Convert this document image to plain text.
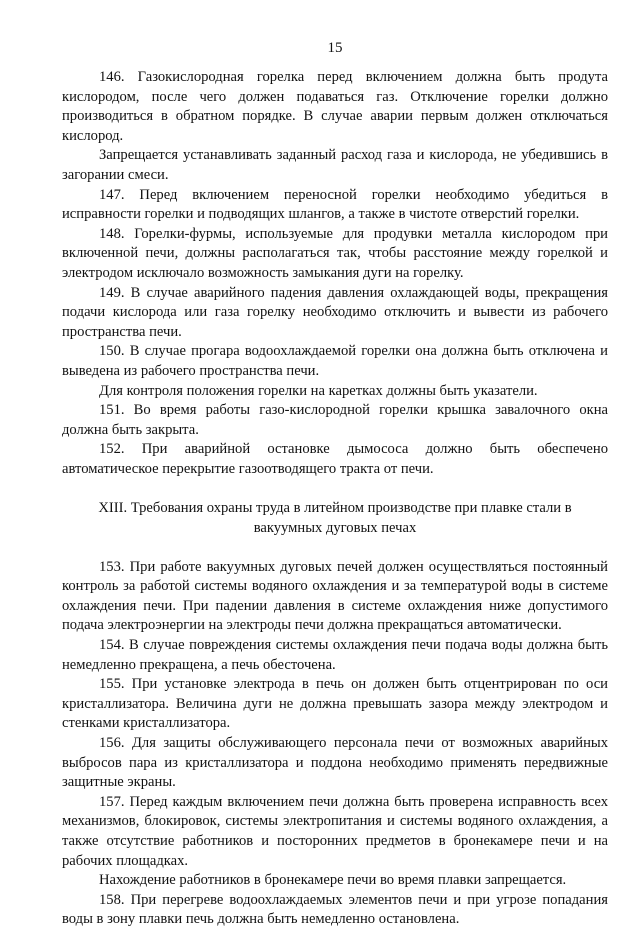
15

146. Газокислородная горелка перед включением должна быть продута кислородом, после чего должен подаваться газ. Отключение горелки должно производиться в обратном порядке. В случае аварии первым должен отключаться кислород.

Запрещается устанавливать заданный расход газа и кислорода, не убедившись в загорании смеси.

147. Перед включением переносной горелки необходимо убедиться в исправности горелки и подводящих шлангов, а также в чистоте отверстий горелки.

148. Горелки-фурмы, используемые для продувки металла кислородом при включенной печи, должны располагаться так, чтобы расстояние между горелкой и электродом исключало возможность замыкания дуги на горелку.

149. В случае аварийного падения давления охлаждающей воды, прекращения подачи кислорода или газа горелку необходимо отключить и вывести из рабочего пространства печи.

150. В случае прогара водоохлаждаемой горелки она должна быть отключена и выведена из рабочего пространства печи.

Для контроля положения горелки на каретках должны быть указатели.

151. Во время работы газо-кислородной горелки крышка завалочного окна должна быть закрыта.

152. При аварийной остановке дымососа должно быть обеспечено автоматическое перекрытие газоотводящего тракта от печи.

XIII. Требования охраны труда в литейном производстве при плавке стали в вакуумных дуговых печах

153. При работе вакуумных дуговых печей должен осуществляться постоянный контроль за работой системы водяного охлаждения и за температурой воды в системе охлаждения печи. При падении давления в системе охлаждения ниже допустимого подача электроэнергии на электроды печи должна прекращаться автоматически.

154. В случае повреждения системы охлаждения печи подача воды должна быть немедленно прекращена, а печь обесточена.

155. При установке электрода в печь он должен быть отцентрирован по оси кристаллизатора. Величина дуги не должна превышать зазора между электродом и стенками кристаллизатора.

156. Для защиты обслуживающего персонала печи от возможных аварийных выбросов пара из кристаллизатора и поддона необходимо применять передвижные защитные экраны.

157. Перед каждым включением печи должна быть проверена исправность всех механизмов, блокировок, системы электропитания и системы водяного охлаждения, а также отсутствие работников и посторонних предметов в бронекамере печи и на рабочих площадках.

Нахождение работников в бронекамере печи во время плавки запрещается.

158. При перегреве водоохлаждаемых элементов печи и при угрозе попадания воды в зону плавки печь должна быть немедленно остановлена.
